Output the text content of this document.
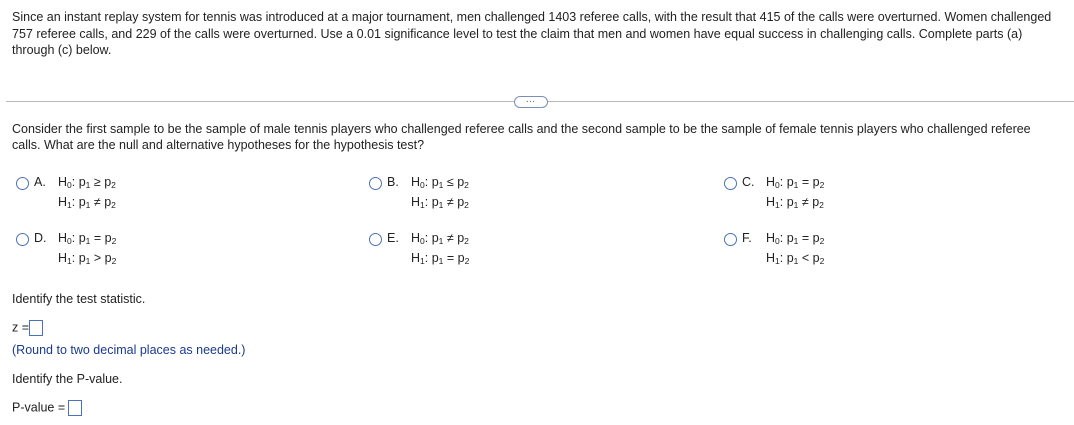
Since an instant replay system for tennis was introduced at a major tournament, men challenged 1403 referee calls, with the result that 415 of the calls were overturned. Women challenged 757 referee calls, and 229 of the calls were overturned. Use a 0.01 significance level to test the claim that men and women have equal success in challenging calls. Complete parts (a) through (c) below.
…
Consider the first sample to be the sample of male tennis players who challenged referee calls and the second sample to be the sample of female tennis players who challenged referee calls. What are the null and alternative hypotheses for the hypothesis test?
A. $H_0$: $p_1 \ge p_2$
$H_1$: $p_1 \ne p_2$
B. $H_0$: $p_1 \le p_2$
$H_1$: $p_1 \ne p_2$
C. $H_0$: $p_1 = p_2$
$H_1$: $p_1 \ne p_2$
D. $H_0$: $p_1 = p_2$
$H_1$: $p_1 > p_2$
E. $H_0$: $p_1 \ne p_2$
$H_1$: $p_1 = p_2$
F. $H_0$: $p_1 = p_2$
$H_1$: $p_1 < p_2$
Identify the test statistic.
z =
(Round to two decimal places as needed.)
Identify the P-value.
P-value =
